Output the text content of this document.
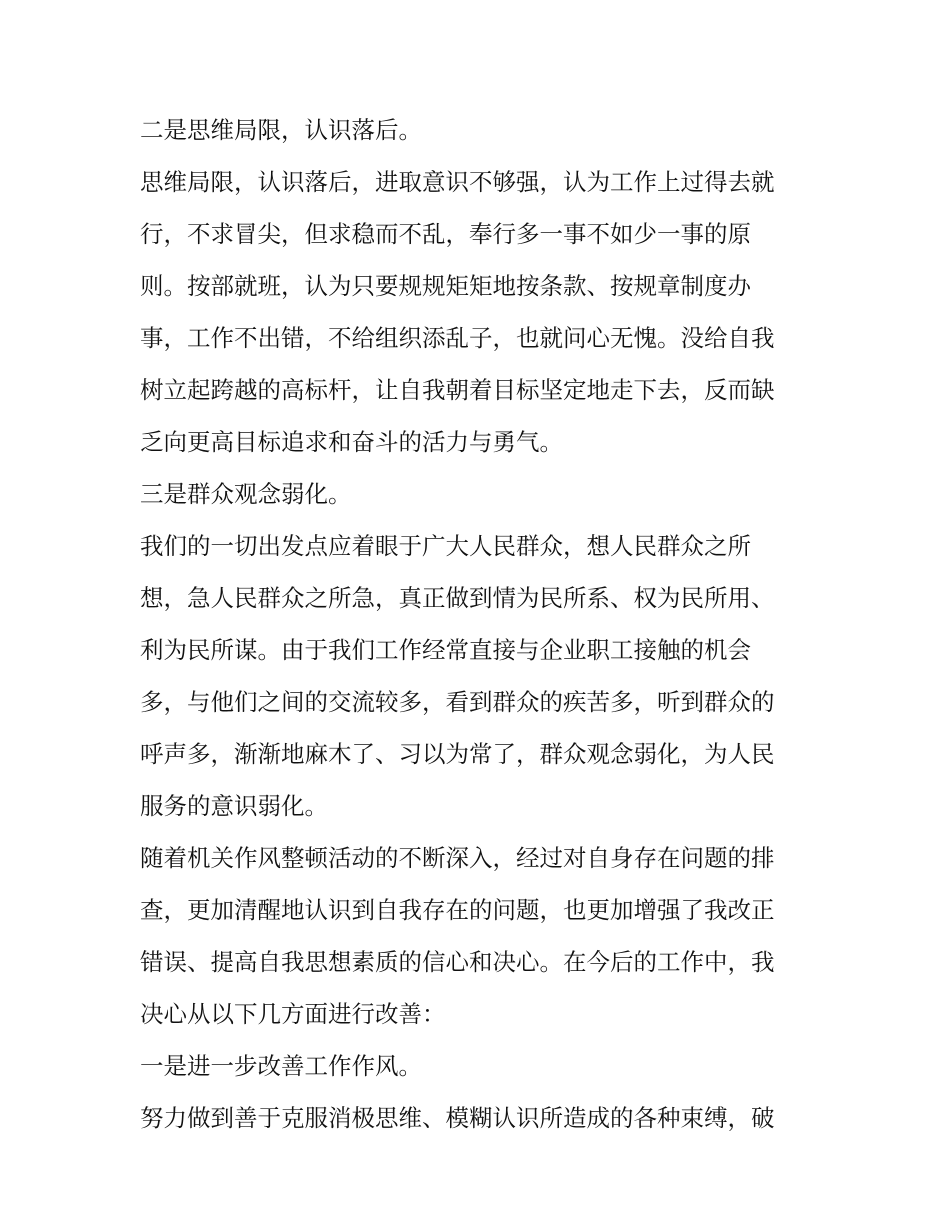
二是思维局限，认识落后。
思维局限，认识落后，进取意识不够强，认为工作上过得去就
行，不求冒尖，但求稳而不乱，奉行多一事不如少一事的原
则。按部就班，认为只要规规矩矩地按条款、按规章制度办
事，工作不出错，不给组织添乱子，也就问心无愧。没给自我
树立起跨越的高标杆，让自我朝着目标坚定地走下去，反而缺
乏向更高目标追求和奋斗的活力与勇气。
三是群众观念弱化。
我们的一切出发点应着眼于广大人民群众，想人民群众之所
想，急人民群众之所急，真正做到情为民所系、权为民所用、
利为民所谋。由于我们工作经常直接与企业职工接触的机会
多，与他们之间的交流较多，看到群众的疾苦多，听到群众的
呼声多，渐渐地麻木了、习以为常了，群众观念弱化，为人民
服务的意识弱化。
随着机关作风整顿活动的不断深入，经过对自身存在问题的排
查，更加清醒地认识到自我存在的问题，也更加增强了我改正
错误、提高自我思想素质的信心和决心。在今后的工作中，我
决心从以下几方面进行改善：
一是进一步改善工作作风。
努力做到善于克服消极思维、模糊认识所造成的各种束缚，破
